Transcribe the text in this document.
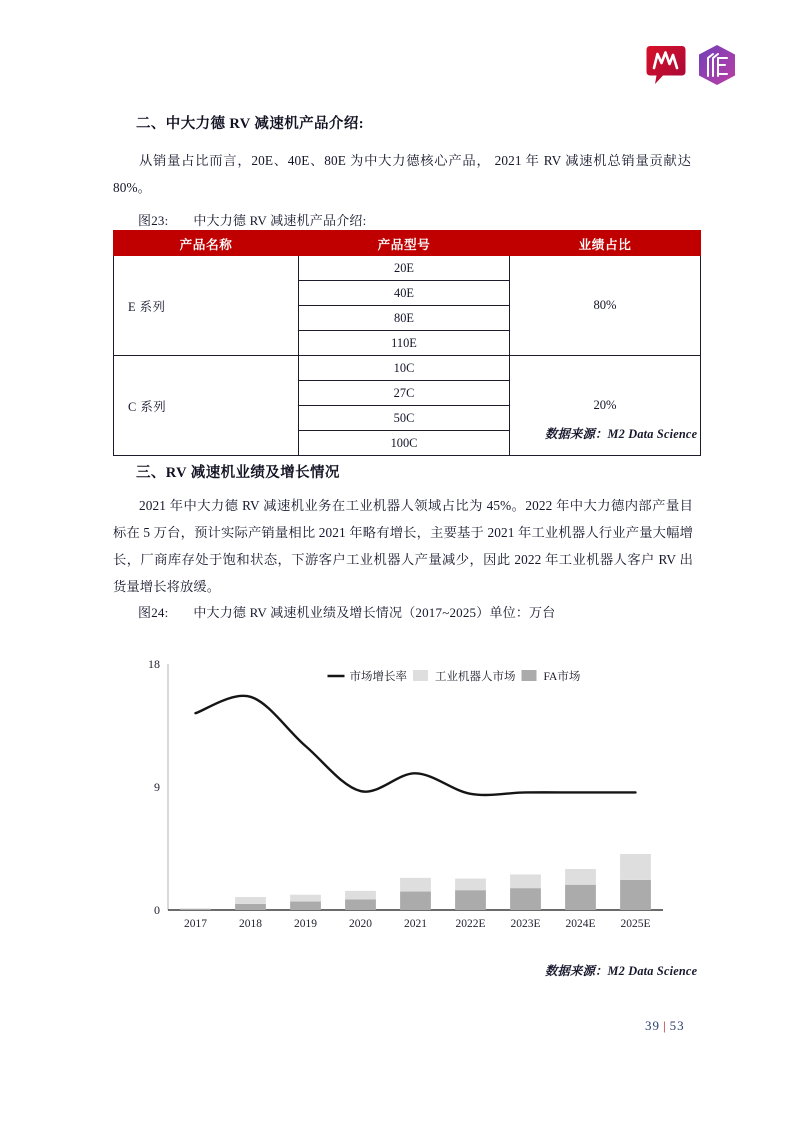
二、中大力德 RV 减速机产品介绍:
从销量占比而言，20E、40E、80E 为中大力德核心产品， 2021 年 RV 减速机总销量贡献达 80%。
图23: 中大力德 RV 减速机产品介绍:
产品名称	产品型号	业绩占比
E 系列	20E	80%
	40E	
	80E	
	110E	
C 系列	10C	20%
	27C	
	50C	
	100C	
数据来源：M2 Data Science
三、RV 减速机业绩及增长情况
2021 年中大力德 RV 减速机业务在工业机器人领域占比为 45%。2022 年中大力德内部产量目标在 5 万台，预计实际产销量相比 2021 年略有增长，主要基于 2021 年工业机器人行业产量大幅增长，厂商库存处于饱和状态，下游客户工业机器人产量减少，因此 2022 年工业机器人客户 RV 出货量增长将放缓。
图24: 中大力德 RV 减速机业绩及增长情况（2017~2025）单位：万台
0
9
18
2017	2018	2019	2020	2021 2022E 2023E 2024E 2025E
市场增长率 工业机器人市场 FA市场
数据来源：M2 Data Science
39 | 53
